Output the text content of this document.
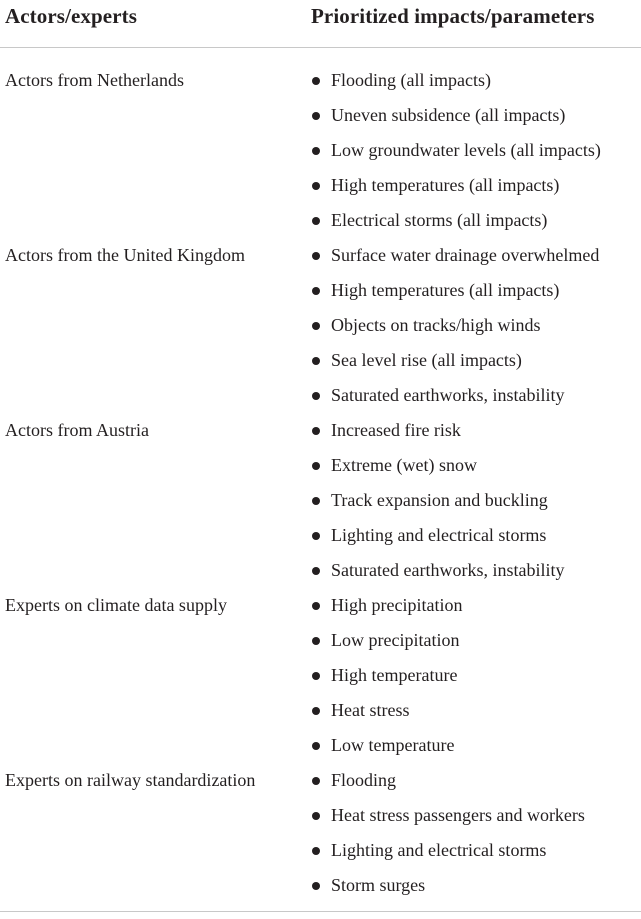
Actors/experts	Prioritized impacts/parameters
Actors from Netherlands	Flooding (all impacts)
Uneven subsidence (all impacts)
Low groundwater levels (all impacts)
High temperatures (all impacts)
Electrical storms (all impacts)
Actors from the United Kingdom	Surface water drainage overwhelmed
High temperatures (all impacts)
Objects on tracks/high winds
Sea level rise (all impacts)
Saturated earthworks, instability
Actors from Austria	Increased fire risk
Extreme (wet) snow
Track expansion and buckling
Lighting and electrical storms
Saturated earthworks, instability
Experts on climate data supply	High precipitation
Low precipitation
High temperature
Heat stress
Low temperature
Experts on railway standardization	Flooding
Heat stress passengers and workers
Lighting and electrical storms
Storm surges
